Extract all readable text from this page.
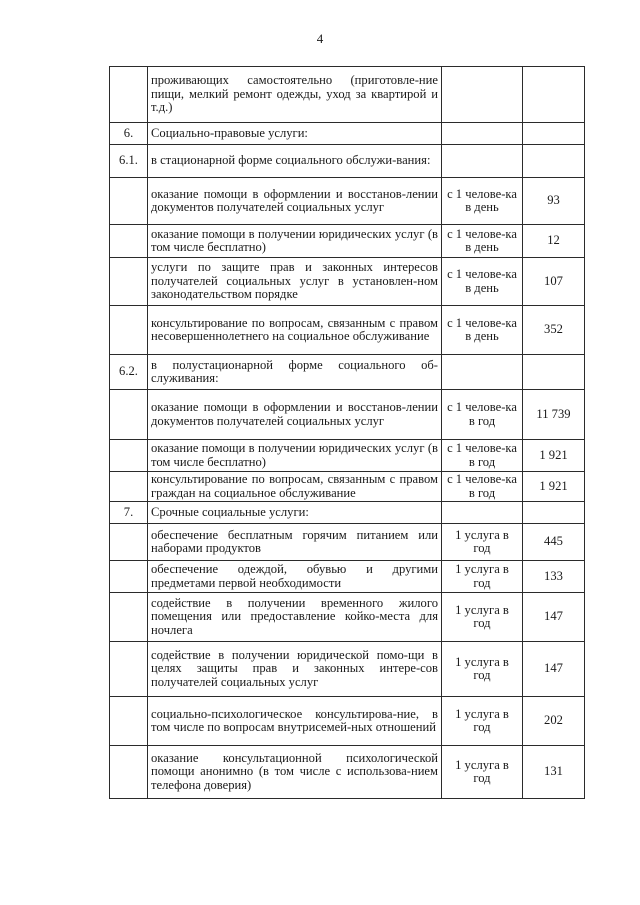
4
	проживающих самостоятельно (приготовле-ние пищи, мелкий ремонт одежды, уход за квартирой и т.д.)		
6.	Социально-правовые услуги:		
6.1.	в стационарной форме социального обслужи-вания:		
	оказание помощи в оформлении и восстанов-лении документов получателей социальных услуг	с 1 челове-ка в день	93
	оказание помощи в получении юридических услуг (в том числе бесплатно)	с 1 челове-ка в день	12
	услуги по защите прав и законных интересов получателей социальных услуг в установлен-ном законодательством порядке	с 1 челове-ка в день	107
	консультирование по вопросам, связанным с правом несовершеннолетнего на социальное обслуживание	с 1 челове-ка в день	352
6.2.	в полустационарной форме социального об-служивания:		
	оказание помощи в оформлении и восстанов-лении документов получателей социальных услуг	с 1 челове-ка в год	11 739
	оказание помощи в получении юридических услуг (в том числе бесплатно)	с 1 челове-ка в год	1 921
	консультирование по вопросам, связанным с правом граждан на социальное обслуживание	с 1 челове-ка в год	1 921
7.	Срочные социальные услуги:		
	обеспечение бесплатным горячим питанием или наборами продуктов	1 услуга в год	445
	обеспечение одеждой, обувью и другими предметами первой необходимости	1 услуга в год	133
	содействие в получении временного жилого помещения или предоставление койко-места для ночлега	1 услуга в год	147
	содействие в получении юридической помо-щи в целях защиты прав и законных интере-сов получателей социальных услуг	1 услуга в год	147
	социально-психологическое консультирова-ние, в том числе по вопросам внутрисемей-ных отношений	1 услуга в год	202
	оказание консультационной психологической помощи анонимно (в том числе с использова-нием телефона доверия)	1 услуга в год	131
